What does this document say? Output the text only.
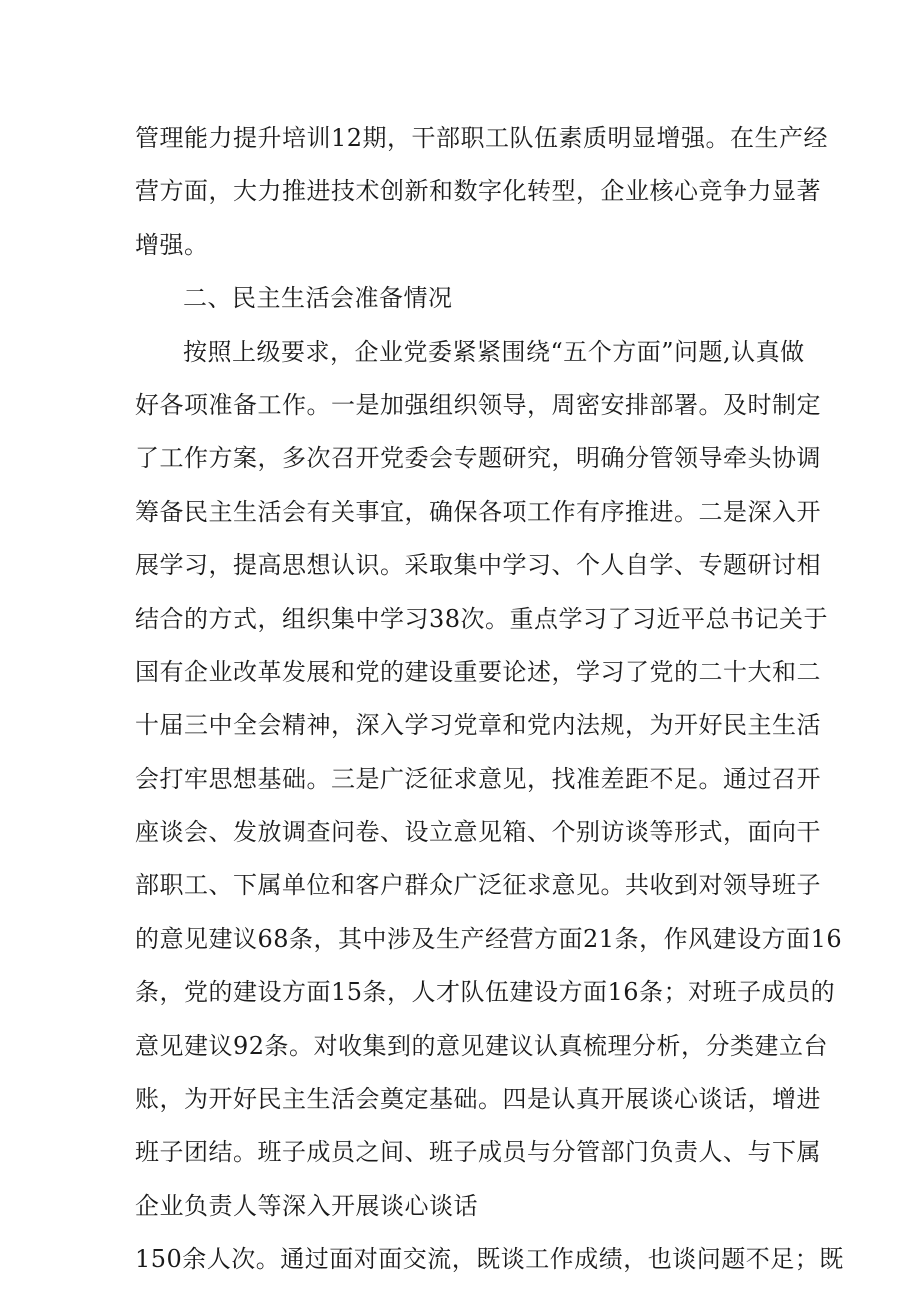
管理能力提升培训12期，干部职工队伍素质明显增强。在生产经
营方面，大力推进技术创新和数字化转型，企业核心竞争力显著
增强。
二、民主生活会准备情况
按照上级要求，企业党委紧紧围绕“五个方面”问题,认真做
好各项准备工作。一是加强组织领导，周密安排部署。及时制定
了工作方案，多次召开党委会专题研究，明确分管领导牵头协调
筹备民主生活会有关事宜，确保各项工作有序推进。二是深入开
展学习，提高思想认识。采取集中学习、个人自学、专题研讨相
结合的方式，组织集中学习38次。重点学习了习近平总书记关于
国有企业改革发展和党的建设重要论述，学习了党的二十大和二
十届三中全会精神，深入学习党章和党内法规，为开好民主生活
会打牢思想基础。三是广泛征求意见，找准差距不足。通过召开
座谈会、发放调查问卷、设立意见箱、个别访谈等形式，面向干
部职工、下属单位和客户群众广泛征求意见。共收到对领导班子
的意见建议68条，其中涉及生产经营方面21条，作风建设方面16
条，党的建设方面15条，人才队伍建设方面16条；对班子成员的
意见建议92条。对收集到的意见建议认真梳理分析，分类建立台
账，为开好民主生活会奠定基础。四是认真开展谈心谈话，增进
班子团结。班子成员之间、班子成员与分管部门负责人、与下属
企业负责人等深入开展谈心谈话
150余人次。通过面对面交流，既谈工作成绩，也谈问题不足；既
